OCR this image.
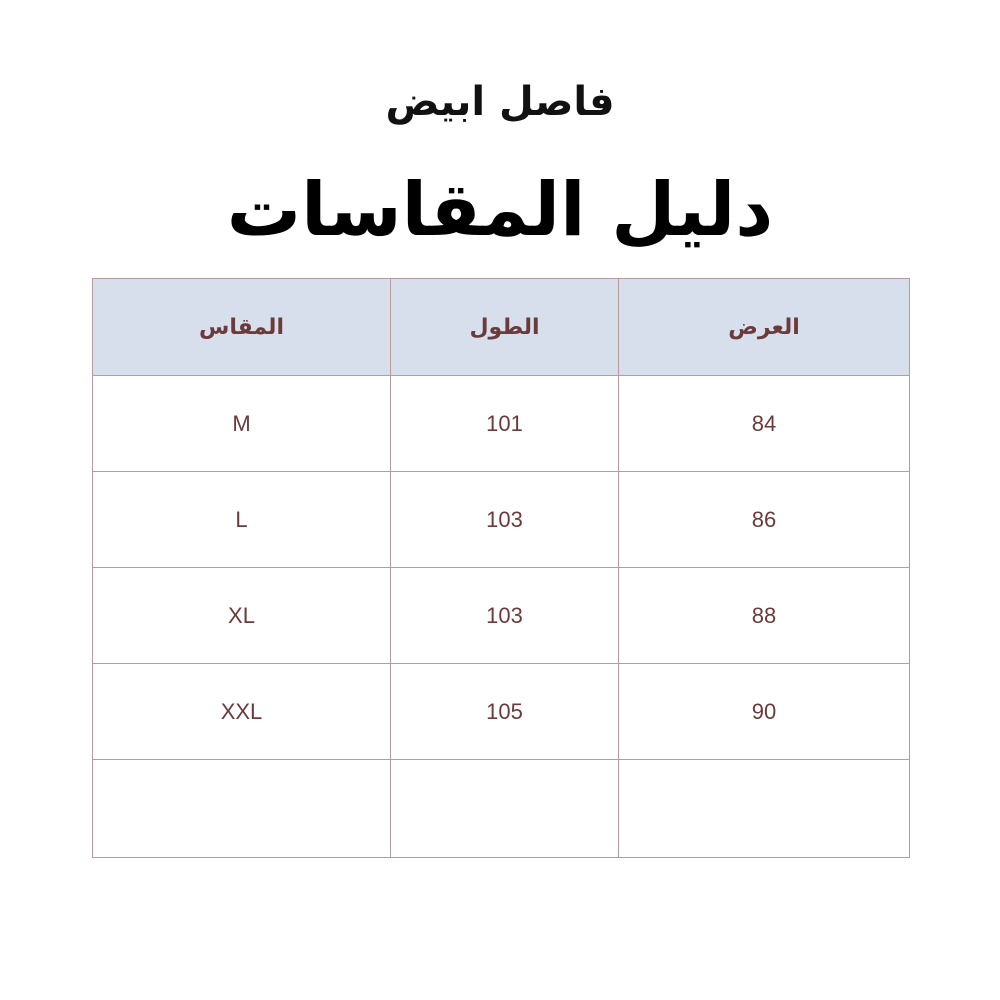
فاصل ابيض
دليل المقاسات
المقاس	الطول	العرض
M	101	84
L	103	86
XL	103	88
XXL	105	90
